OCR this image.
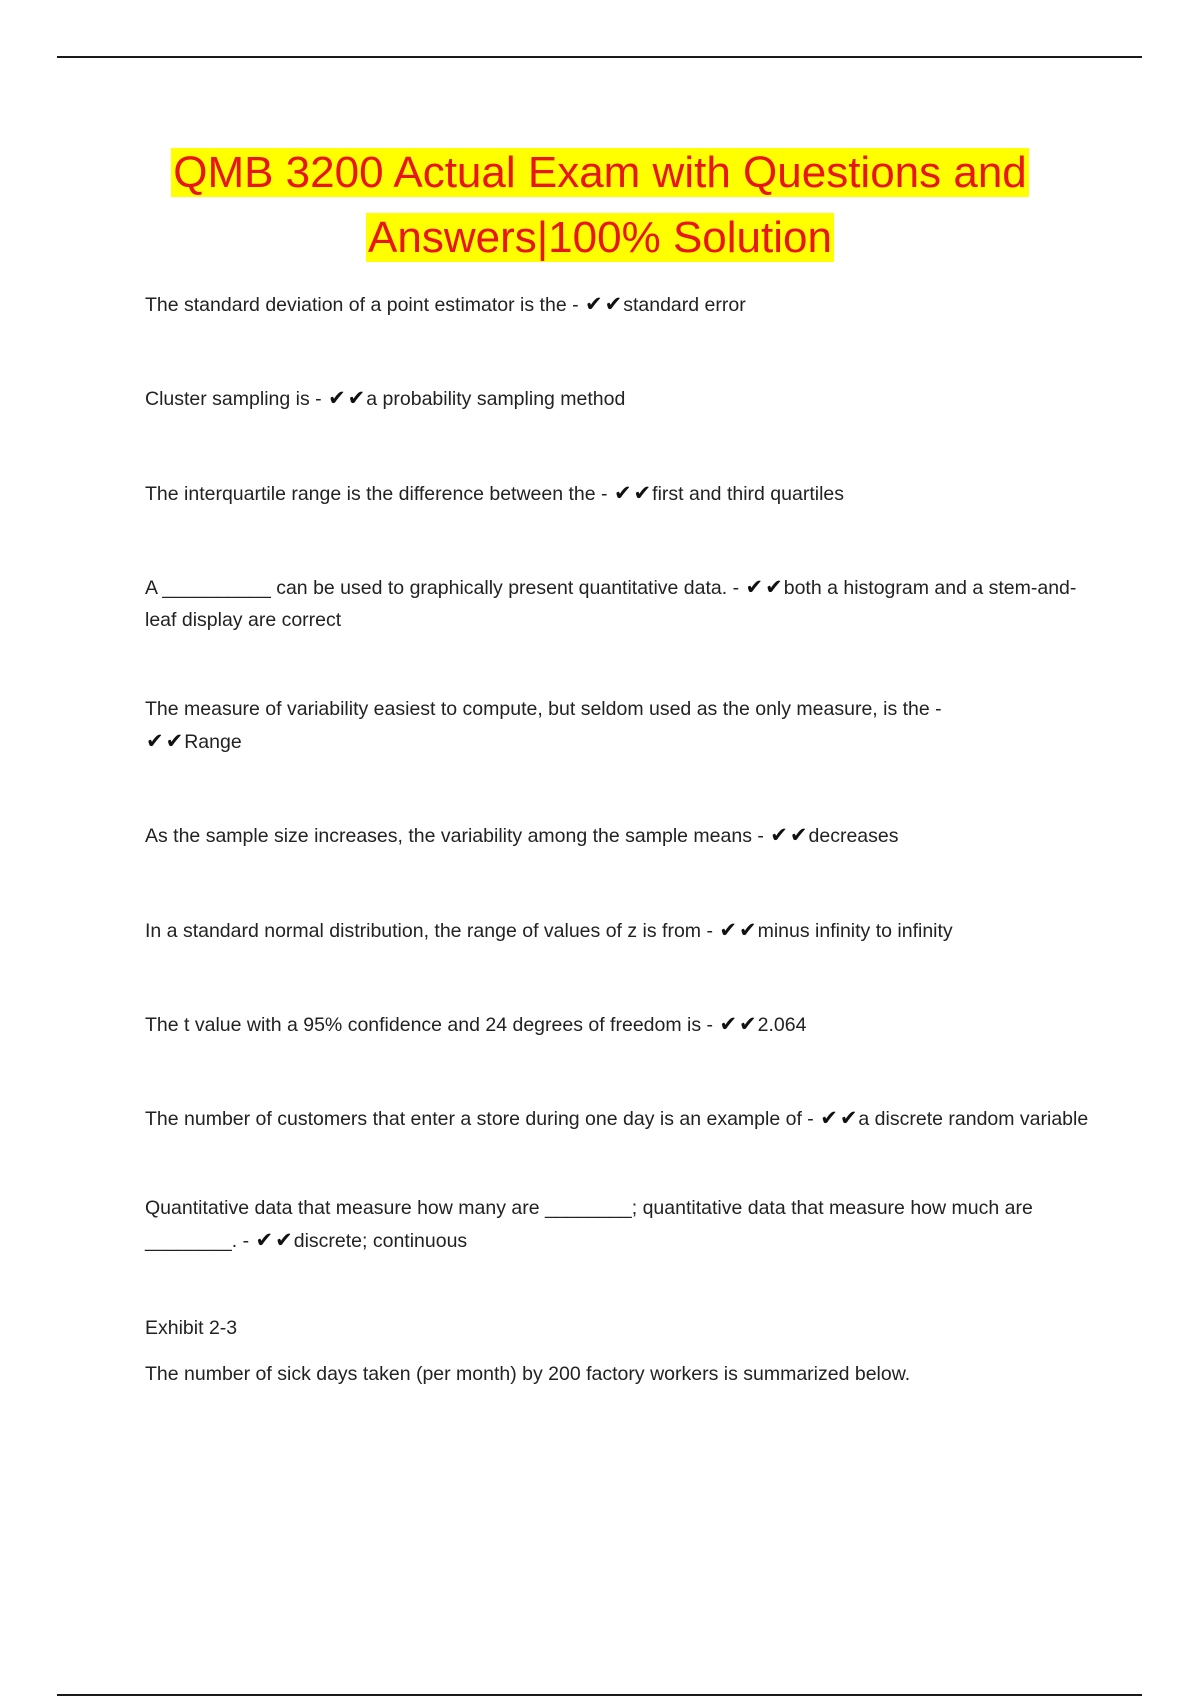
QMB 3200 Actual Exam with Questions and
Answers|100% Solution

The standard deviation of a point estimator is the - ✔✔standard error

Cluster sampling is - ✔✔a probability sampling method

The interquartile range is the difference between the - ✔✔first and third quartiles

A __________ can be used to graphically present quantitative data. - ✔✔both a histogram and a stem-and-leaf display are correct

The measure of variability easiest to compute, but seldom used as the only measure, is the -
✔✔Range

As the sample size increases, the variability among the sample means - ✔✔decreases

In a standard normal distribution, the range of values of z is from - ✔✔minus infinity to infinity

The t value with a 95% confidence and 24 degrees of freedom is - ✔✔2.064

The number of customers that enter a store during one day is an example of - ✔✔a discrete random variable

Quantitative data that measure how many are ________; quantitative data that measure how much are ________. - ✔✔discrete; continuous

Exhibit 2-3

The number of sick days taken (per month) by 200 factory workers is summarized below.
